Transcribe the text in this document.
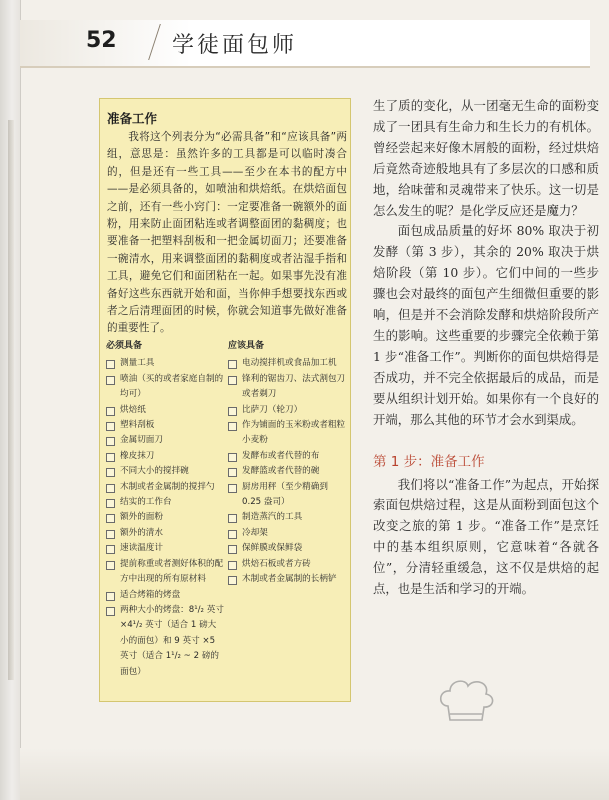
52	学徒面包师
准备工作
我将这个列表分为“必需具备”和“应该具备”两组，意思是：虽然许多的工具都是可以临时凑合的，但是还有一些工具——至少在本书的配方中——是必须具备的，如喷油和烘焙纸。在烘焙面包之前，还有一些小窍门：一定要准备一碗额外的面粉，用来防止面团粘连或者调整面团的黏稠度；也要准备一把塑料刮板和一把金属切面刀；还要准备一碗清水，用来调整面团的黏稠度或者沾湿手指和工具，避免它们和面团粘在一起。如果事先没有准备好这些东西就开始和面，当你伸手想要找东西或者之后清理面团的时候，你就会知道事先做好准备的重要性了。
必须具备
测量工具
喷油（买的或者家庭自制的均可）
烘焙纸
塑料刮板
金属切面刀
橡皮抹刀
不同大小的搅拌碗
木制或者金属制的搅拌勺
结实的工作台
额外的面粉
额外的清水
速读温度计
提前称重或者测好体积的配方中出现的所有原材料
适合烤箱的烤盘
两种大小的烤盘：8¹/₂ 英寸 ×4¹/₂ 英寸（适合 1 磅大小的面包）和 9 英寸 ×5 英寸（适合 1¹/₂ ~ 2 磅的面包）
应该具备
电动搅拌机或食品加工机
锋利的锯齿刀、法式割包刀或者剃刀
比萨刀（轮刀）
作为铺面的玉米粉或者粗粒小麦粉
发酵布或者代替的布
发酵篮或者代替的碗
厨房用秤（至少精确到 0.25 盎司）
制造蒸汽的工具
冷却架
保鲜膜或保鲜袋
烘焙石板或者方砖
木制或者金属制的长柄铲

生了质的变化，从一团毫无生命的面粉变成了一团具有生命力和生长力的有机体。曾经尝起来好像木屑般的面粉，经过烘焙后竟然奇迹般地具有了多层次的口感和质地，给味蕾和灵魂带来了快乐。这一切是怎么发生的呢？是化学反应还是魔力？

面包成品质量的好坏 80% 取决于初发酵（第 3 步），其余的 20% 取决于烘焙阶段（第 10 步）。它们中间的一些步骤也会对最终的面包产生细微但重要的影响，但是并不会消除发酵和烘焙阶段所产生的影响。这些重要的步骤完全依赖于第 1 步“准备工作”。判断你的面包烘焙得是否成功，并不完全依据最后的成品，而是要从组织计划开始。如果你有一个良好的开端，那么其他的环节才会水到渠成。

第 1 步：准备工作

我们将以“准备工作”为起点，开始探索面包烘焙过程，这是从面粉到面包这个改变之旅的第 1 步。“准备工作”是烹饪中的基本组织原则，它意味着“各就各位”，分清轻重缓急，这不仅是烘焙的起点，也是生活和学习的开端。
